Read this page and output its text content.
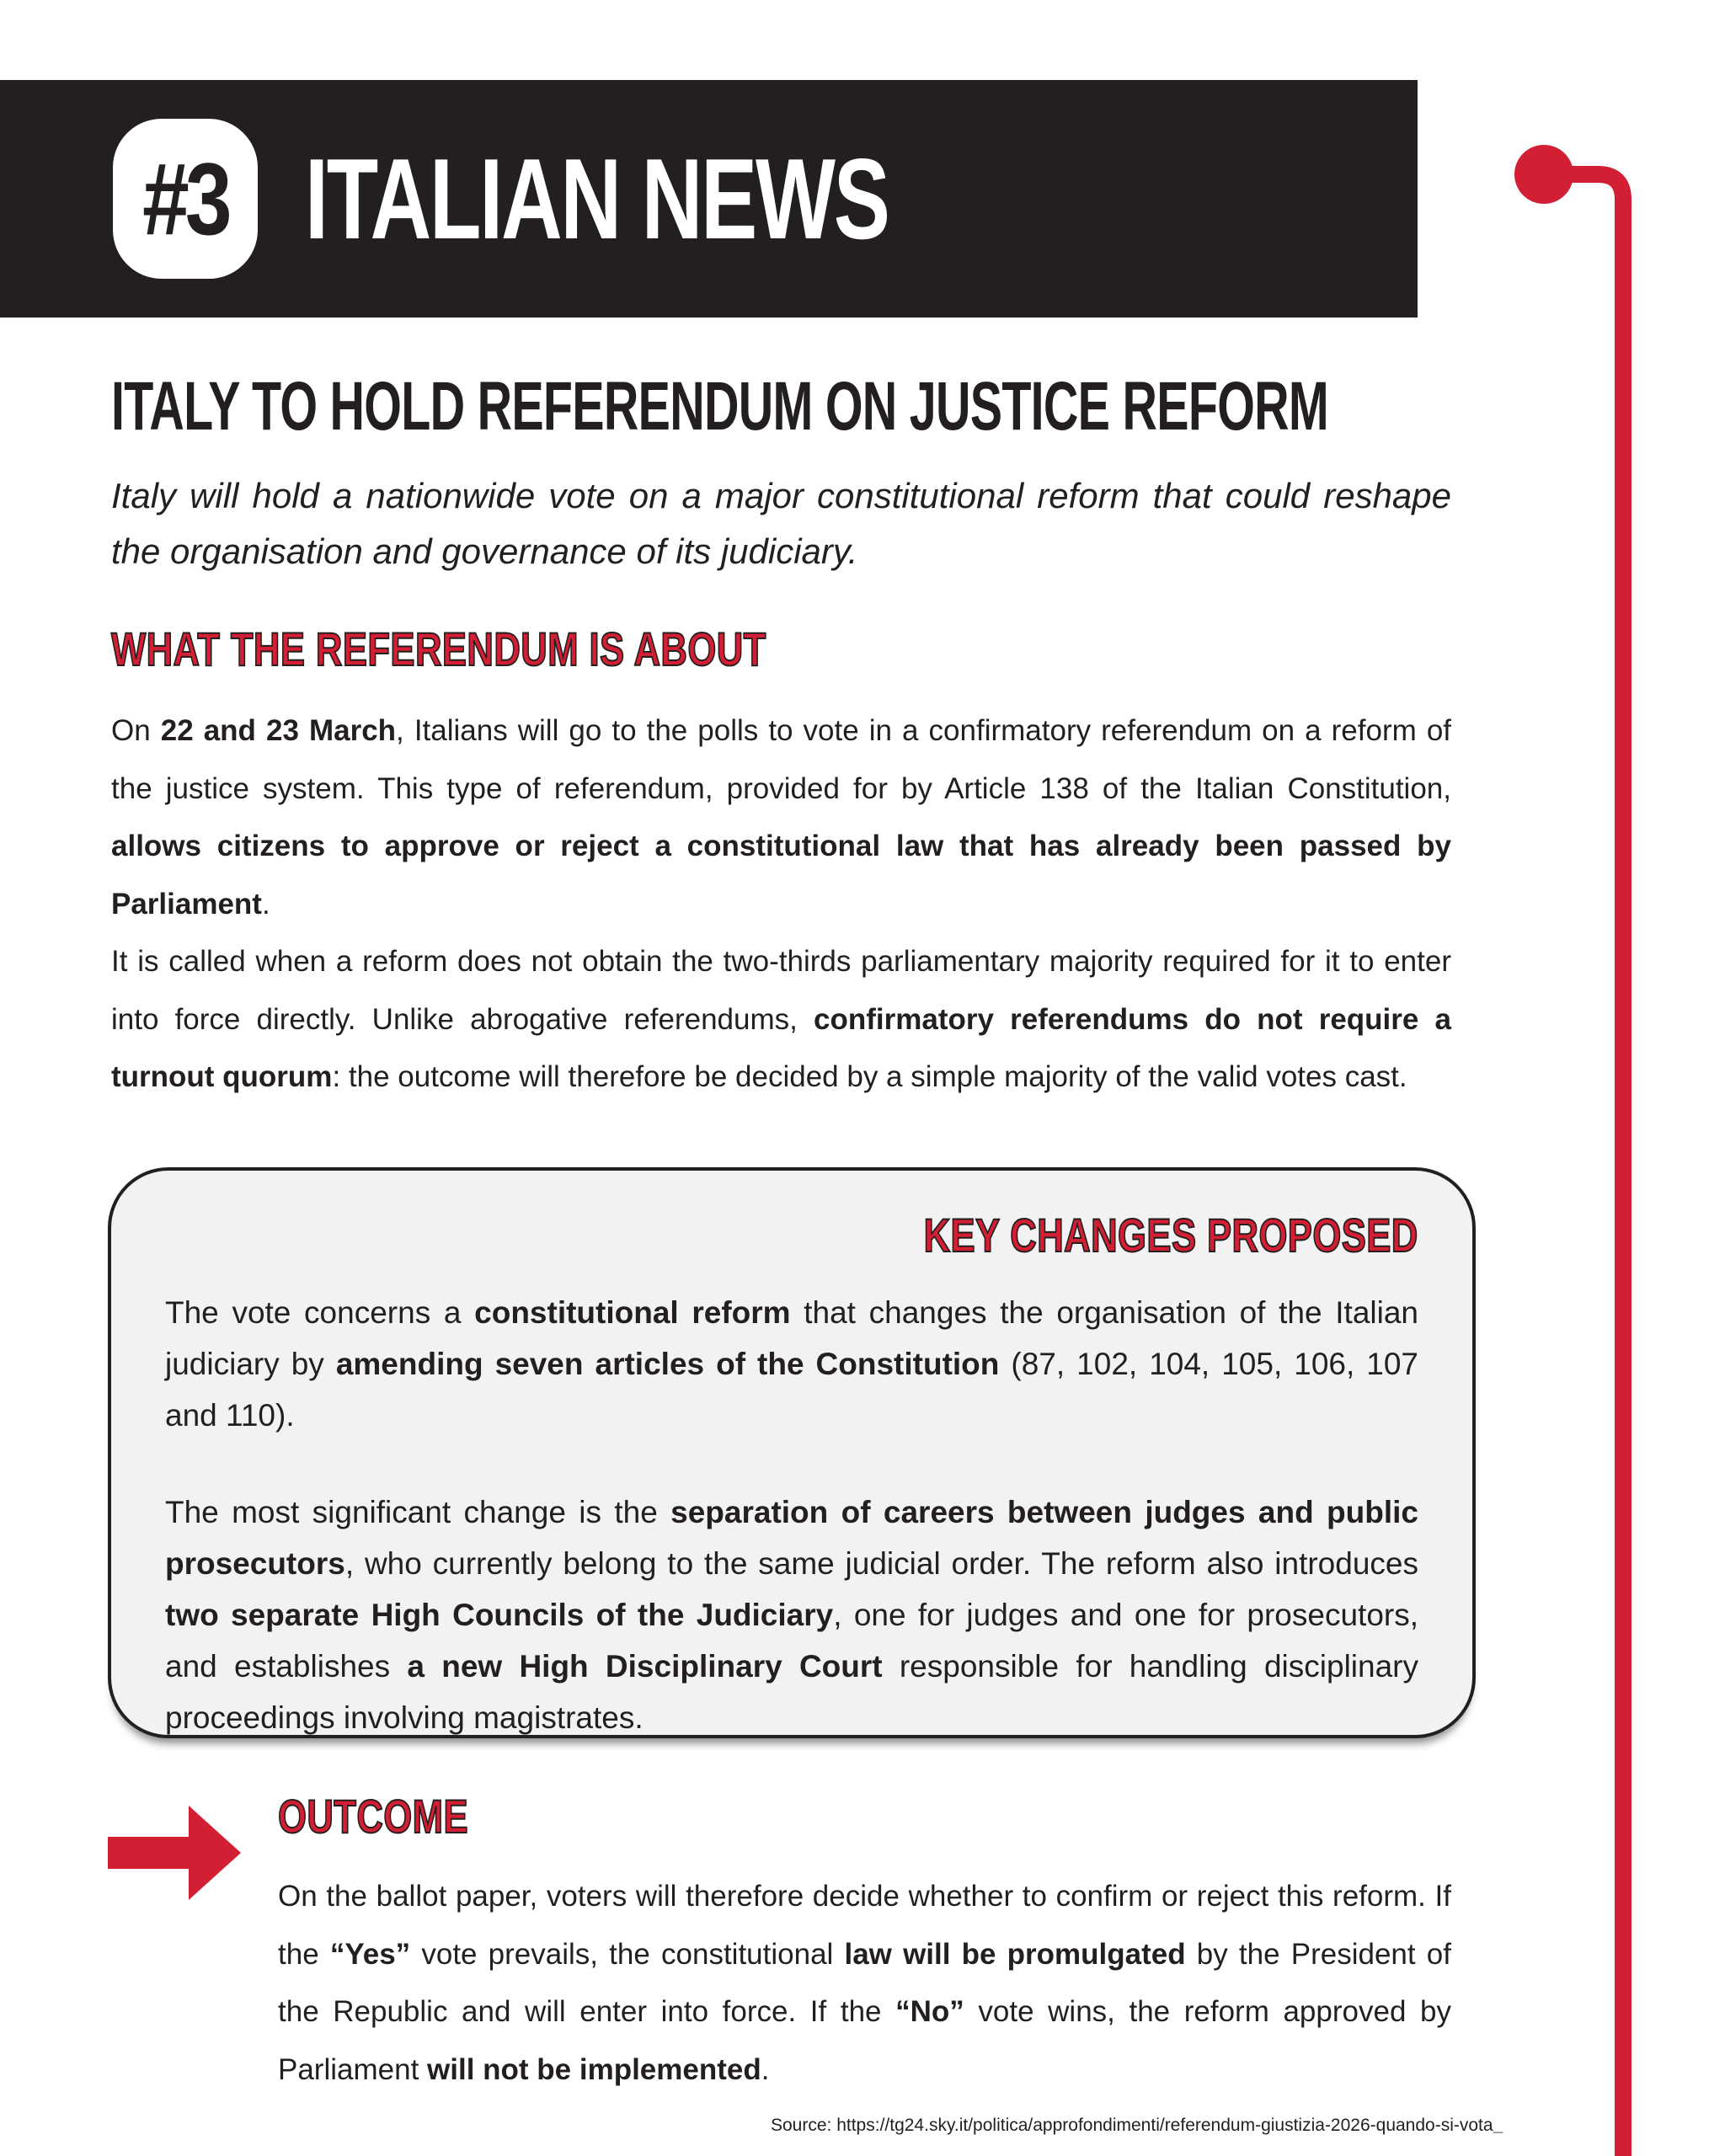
#3 ITALIAN NEWS
ITALY TO HOLD REFERENDUM ON JUSTICE REFORM

Italy will hold a nationwide vote on a major constitutional reform that could reshape the organisation and governance of its judiciary.

WHAT THE REFERENDUM IS ABOUT

On 22 and 23 March, Italians will go to the polls to vote in a confirmatory referendum on a reform of the justice system. This type of referendum, provided for by Article 138 of the Italian Constitution, allows citizens to approve or reject a constitutional law that has already been passed by Parliament.

It is called when a reform does not obtain the two-thirds parliamentary majority required for it to enter into force directly. Unlike abrogative referendums, confirmatory referendums do not require a turnout quorum: the outcome will therefore be decided by a simple majority of the valid votes cast.

KEY CHANGES PROPOSED

The vote concerns a constitutional reform that changes the organisation of the Italian judiciary by amending seven articles of the Constitution (87, 102, 104, 105, 106, 107 and 110).

The most significant change is the separation of careers between judges and public prosecutors, who currently belong to the same judicial order. The reform also introduces two separate High Councils of the Judiciary, one for judges and one for prosecutors, and establishes a new High Disciplinary Court responsible for handling disciplinary proceedings involving magistrates.

OUTCOME

On the ballot paper, voters will therefore decide whether to confirm or reject this reform. If the “Yes” vote prevails, the constitutional law will be promulgated by the President of the Republic and will enter into force. If the “No” vote wins, the reform approved by Parliament will not be implemented.

Source: https://tg24.sky.it/politica/approfondimenti/referendum-giustizia-2026-quando-si-vota_
